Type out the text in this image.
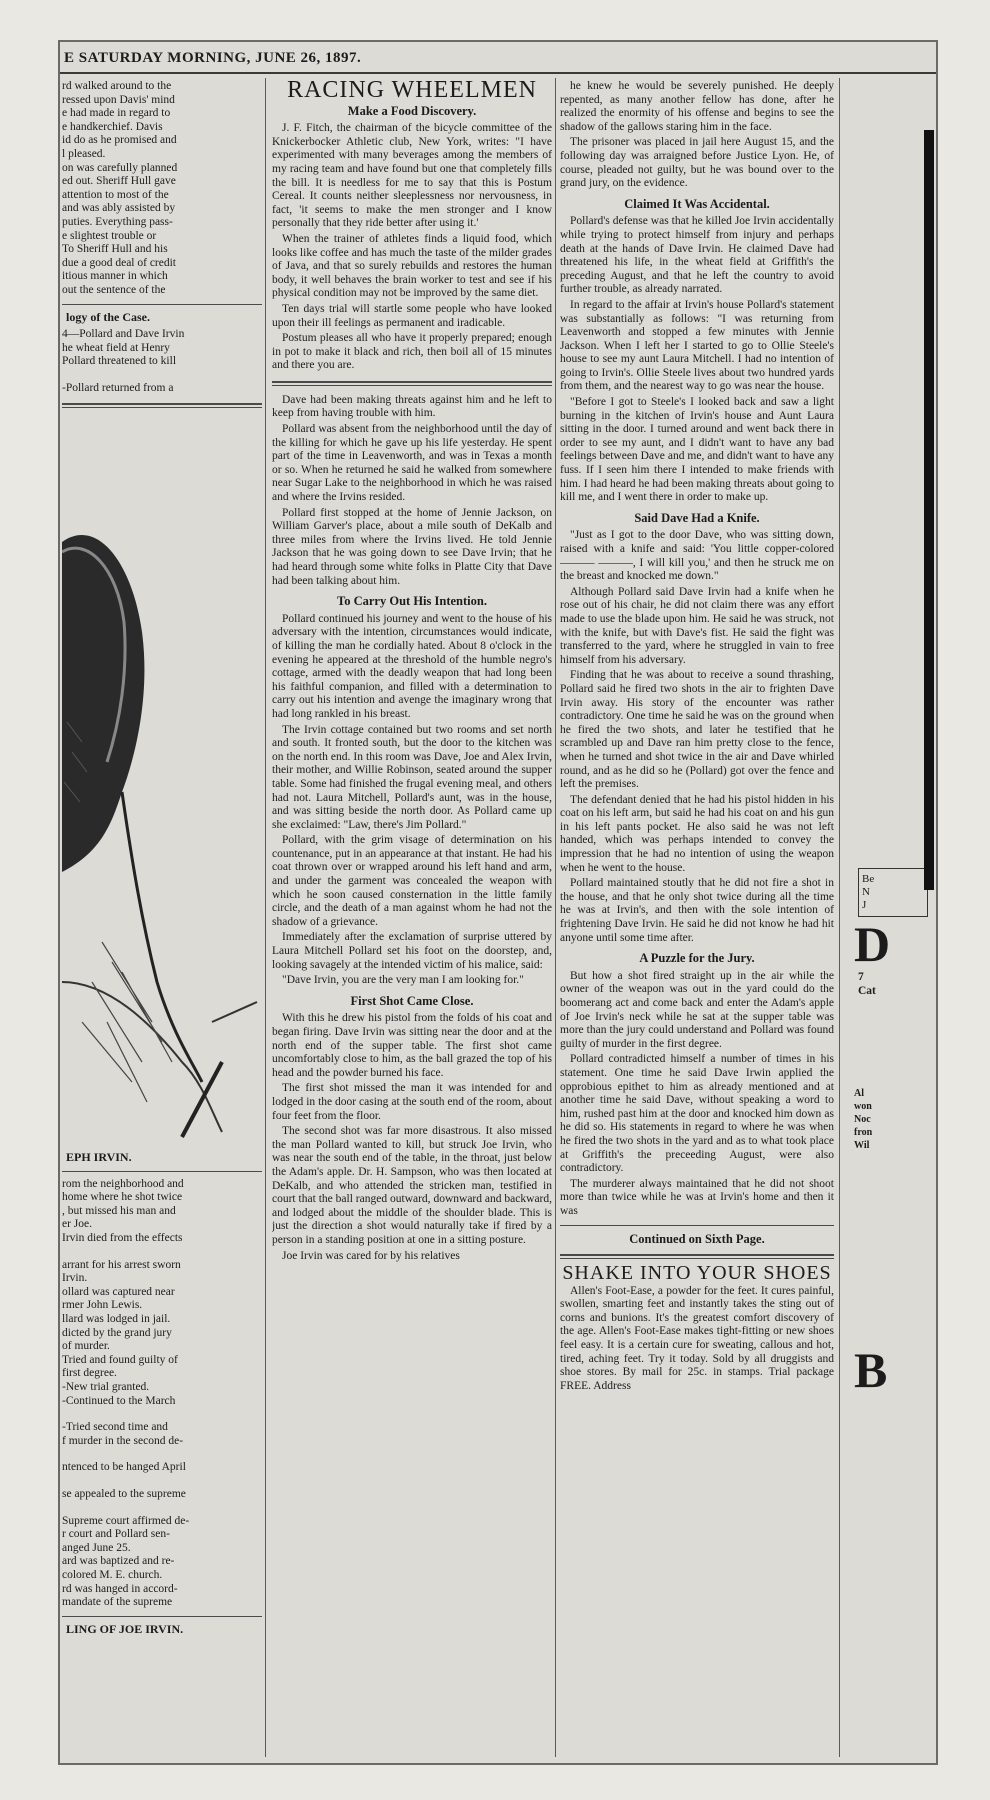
E SATURDAY MORNING, JUNE 26, 1897.
rd walked around to the
ressed upon Davis' mind
e had made in regard to
e handkerchief. Davis
id do as he promised and
l pleased.
on was carefully planned
ed out. Sheriff Hull gave
attention to most of the
and was ably assisted by
puties. Everything pass-
e slightest trouble or
To Sheriff Hull and his
due a good deal of credit
itious manner in which
out the sentence of the
logy of the Case.
4—Pollard and Dave Irvin
he wheat field at Henry
Pollard threatened to kill
-Pollard returned from a
EPH IRVIN.
rom the neighborhood and
home where he shot twice
, but missed his man and
er Joe.
Irvin died from the effects
arrant for his arrest sworn
Irvin.
ollard was captured near
rmer John Lewis.
llard was lodged in jail.
dicted by the grand jury
of murder.
Tried and found guilty of
first degree.
-New trial granted.
-Continued to the March
-Tried second time and
f murder in the second de-
ntenced to be hanged April
se appealed to the supreme
Supreme court affirmed de-
r court and Pollard sen-
anged June 25.
ard was baptized and re-
colored M. E. church.
rd was hanged in accord-
mandate of the supreme
LING OF JOE IRVIN.
RACING WHEELMEN
Make a Food Discovery.

J. F. Fitch, the chairman of the bicycle committee of the Knickerbocker Athletic club, New York, writes: "I have experimented with many beverages among the members of my racing team and have found but one that completely fills the bill. It is needless for me to say that this is Postum Cereal. It counts neither sleeplessness nor nervousness, in fact, 'it seems to make the men stronger and I know personally that they ride better after using it.'

When the trainer of athletes finds a liquid food, which looks like coffee and has much the taste of the milder grades of Java, and that so surely rebuilds and restores the human body, it well behaves the brain worker to test and see if his physical condition may not be improved by the same diet.

Ten days trial will startle some people who have looked upon their ill feelings as permanent and iradicable.

Postum pleases all who have it properly prepared; enough in pot to make it black and rich, then boil all of 15 minutes and there you are.

Dave had been making threats against him and he left to keep from having trouble with him.

Pollard was absent from the neighborhood until the day of the killing for which he gave up his life yesterday. He spent part of the time in Leavenworth, and was in Texas a month or so. When he returned he said he walked from somewhere near Sugar Lake to the neighborhood in which he was raised and where the Irvins resided.

Pollard first stopped at the home of Jennie Jackson, on William Garver's place, about a mile south of DeKalb and three miles from where the Irvins lived. He told Jennie Jackson that he was going down to see Dave Irvin; that he had heard through some white folks in Platte City that Dave had been talking about him.

To Carry Out His Intention.

Pollard continued his journey and went to the house of his adversary with the intention, circumstances would indicate, of killing the man he cordially hated. About 8 o'clock in the evening he appeared at the threshold of the humble negro's cottage, armed with the deadly weapon that had long been his faithful companion, and filled with a determination to carry out his intention and avenge the imaginary wrong that had long rankled in his breast.

The Irvin cottage contained but two rooms and set north and south. It fronted south, but the door to the kitchen was on the north end. In this room was Dave, Joe and Alex Irvin, their mother, and Willie Robinson, seated around the supper table. Some had finished the frugal evening meal, and others had not. Laura Mitchell, Pollard's aunt, was in the house, and was sitting beside the north door. As Pollard came up she exclaimed: "Law, there's Jim Pollard."

Pollard, with the grim visage of determination on his countenance, put in an appearance at that instant. He had his coat thrown over or wrapped around his left hand and arm, and under the garment was concealed the weapon with which he soon caused consternation in the little family circle, and the death of a man against whom he had not the shadow of a grievance.

Immediately after the exclamation of surprise uttered by Laura Mitchell Pollard set his foot on the doorstep, and, looking savagely at the intended victim of his malice, said:

"Dave Irvin, you are the very man I am looking for."

First Shot Came Close.

With this he drew his pistol from the folds of his coat and began firing. Dave Irvin was sitting near the door and at the north end of the supper table. The first shot came uncomfortably close to him, as the ball grazed the top of his head and the powder burned his face.

The first shot missed the man it was intended for and lodged in the door casing at the south end of the room, about four feet from the floor.

The second shot was far more disastrous. It also missed the man Pollard wanted to kill, but struck Joe Irvin, who was near the south end of the table, in the throat, just below the Adam's apple. Dr. H. Sampson, who was then located at DeKalb, and who attended the stricken man, testified in court that the ball ranged outward, downward and backward, and lodged about the middle of the shoulder blade. This is just the direction a shot would naturally take if fired by a person in a standing position at one in a sitting posture.

Joe Irvin was cared for by his relatives

he knew he would be severely punished. He deeply repented, as many another fellow has done, after he realized the enormity of his offense and begins to see the shadow of the gallows staring him in the face.

The prisoner was placed in jail here August 15, and the following day was arraigned before Justice Lyon. He, of course, pleaded not guilty, but he was bound over to the grand jury, on the evidence.

Claimed It Was Accidental.

Pollard's defense was that he killed Joe Irvin accidentally while trying to protect himself from injury and perhaps death at the hands of Dave Irvin. He claimed Dave had threatened his life, in the wheat field at Griffith's the preceding August, and that he left the country to avoid further trouble, as already narrated.

In regard to the affair at Irvin's house Pollard's statement was substantially as follows: "I was returning from Leavenworth and stopped a few minutes with Jennie Jackson. When I left her I started to go to Ollie Steele's house to see my aunt Laura Mitchell. I had no intention of going to Irvin's. Ollie Steele lives about two hundred yards from them, and the nearest way to go was near the house.

"Before I got to Steele's I looked back and saw a light burning in the kitchen of Irvin's house and Aunt Laura sitting in the door. I turned around and went back there in order to see my aunt, and I didn't want to have any bad feelings between Dave and me, and didn't want to have any fuss. If I seen him there I intended to make friends with him. I had heard he had been making threats about going to kill me, and I went there in order to make up.

Said Dave Had a Knife.

"Just as I got to the door Dave, who was sitting down, raised with a knife and said: 'You little copper-colored ——— ———, I will kill you,' and then he struck me on the breast and knocked me down."

Although Pollard said Dave Irvin had a knife when he rose out of his chair, he did not claim there was any effort made to use the blade upon him. He said he was struck, not with the knife, but with Dave's fist. He said the fight was transferred to the yard, where he struggled in vain to free himself from his adversary.

Finding that he was about to receive a sound thrashing, Pollard said he fired two shots in the air to frighten Dave Irvin away. His story of the encounter was rather contradictory. One time he said he was on the ground when he fired the two shots, and later he testified that he scrambled up and Dave ran him pretty close to the fence, when he turned and shot twice in the air and Dave whirled round, and as he did so he (Pollard) got over the fence and left the premises.

The defendant denied that he had his pistol hidden in his coat on his left arm, but said he had his coat on and his gun in his left pants pocket. He also said he was not left handed, which was perhaps intended to convey the impression that he had no intention of using the weapon when he went to the house.

Pollard maintained stoutly that he did not fire a shot in the house, and that he only shot twice during all the time he was at Irvin's, and then with the sole intention of frightening Dave Irvin. He said he did not know he had hit anyone until some time after.

A Puzzle for the Jury.

But how a shot fired straight up in the air while the owner of the weapon was out in the yard could do the boomerang act and come back and enter the Adam's apple of Joe Irvin's neck while he sat at the supper table was more than the jury could understand and Pollard was found guilty of murder in the first degree.

Pollard contradicted himself a number of times in his statement. One time he said Dave Irwin applied the opprobious epithet to him as already mentioned and at another time he said Dave, without speaking a word to him, rushed past him at the door and knocked him down as he did so. His statements in regard to where he was when he fired the two shots in the yard and as to what took place at Griffith's the preceeding August, were also contradictory.

The murderer always maintained that he did not shoot more than twice while he was at Irvin's home and then it was

Continued on Sixth Page.
SHAKE INTO YOUR SHOES

Allen's Foot-Ease, a powder for the feet. It cures painful, swollen, smarting feet and instantly takes the sting out of corns and bunions. It's the greatest comfort discovery of the age. Allen's Foot-Ease makes tight-fitting or new shoes feel easy. It is a certain cure for sweating, callous and hot, tired, aching feet. Try it today. Sold by all druggists and shoe stores. By mail for 25c. in stamps. Trial package FREE. Address

Be
N
J
D
7
Cat
Al
won
Noc
fron
Wil
B
